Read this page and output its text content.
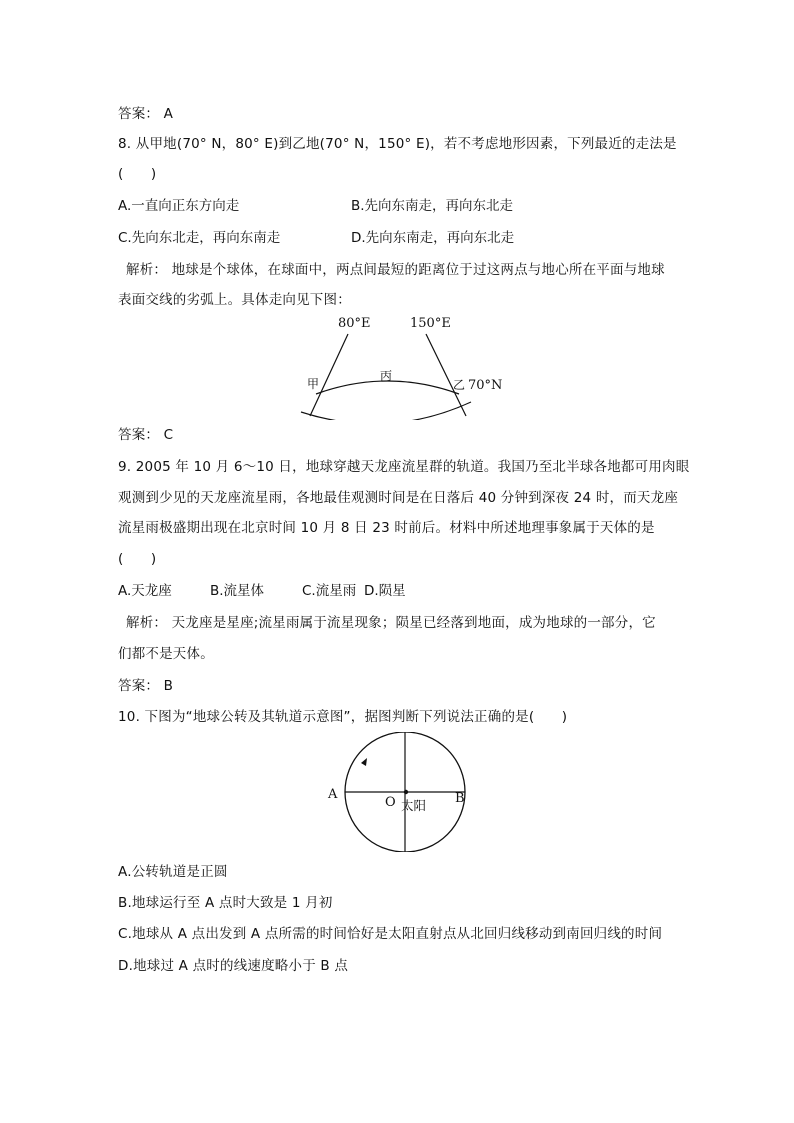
答案： A
8. 从甲地(70° N，80° E)到乙地(70° N，150° E)，若不考虑地形因素，下列最近的走法是
(　　)
A.一直向正东方向走	B.先向东南走，再向东北走
C.先向东北走，再向东南走	D.先向东南走，再向东北走
解析： 地球是个球体，在球面中，两点间最短的距离位于过这两点与地心所在平面与地球
表面交线的劣弧上。具体走向见下图：
80°E	150°E
甲
丙
乙 70°N
答案： C
9. 2005 年 10 月 6～10 日，地球穿越天龙座流星群的轨道。我国乃至北半球各地都可用肉眼
观测到少见的天龙座流星雨，各地最佳观测时间是在日落后 40 分钟到深夜 24 时，而天龙座
流星雨极盛期出现在北京时间 10 月 8 日 23 时前后。材料中所述地理事象属于天体的是
(　　)
A.天龙座	B.流星体	C.流星雨 D.陨星
解析： 天龙座是星座;流星雨属于流星现象；陨星已经落到地面，成为地球的一部分，它
们都不是天体。
答案： B
10. 下图为“地球公转及其轨道示意图”，据图判断下列说法正确的是(　　)
A	B
O 太阳
A.公转轨道是正圆
B.地球运行至 A 点时大致是 1 月初
C.地球从 A 点出发到 A 点所需的时间恰好是太阳直射点从北回归线移动到南回归线的时间
D.地球过 A 点时的线速度略小于 B 点
